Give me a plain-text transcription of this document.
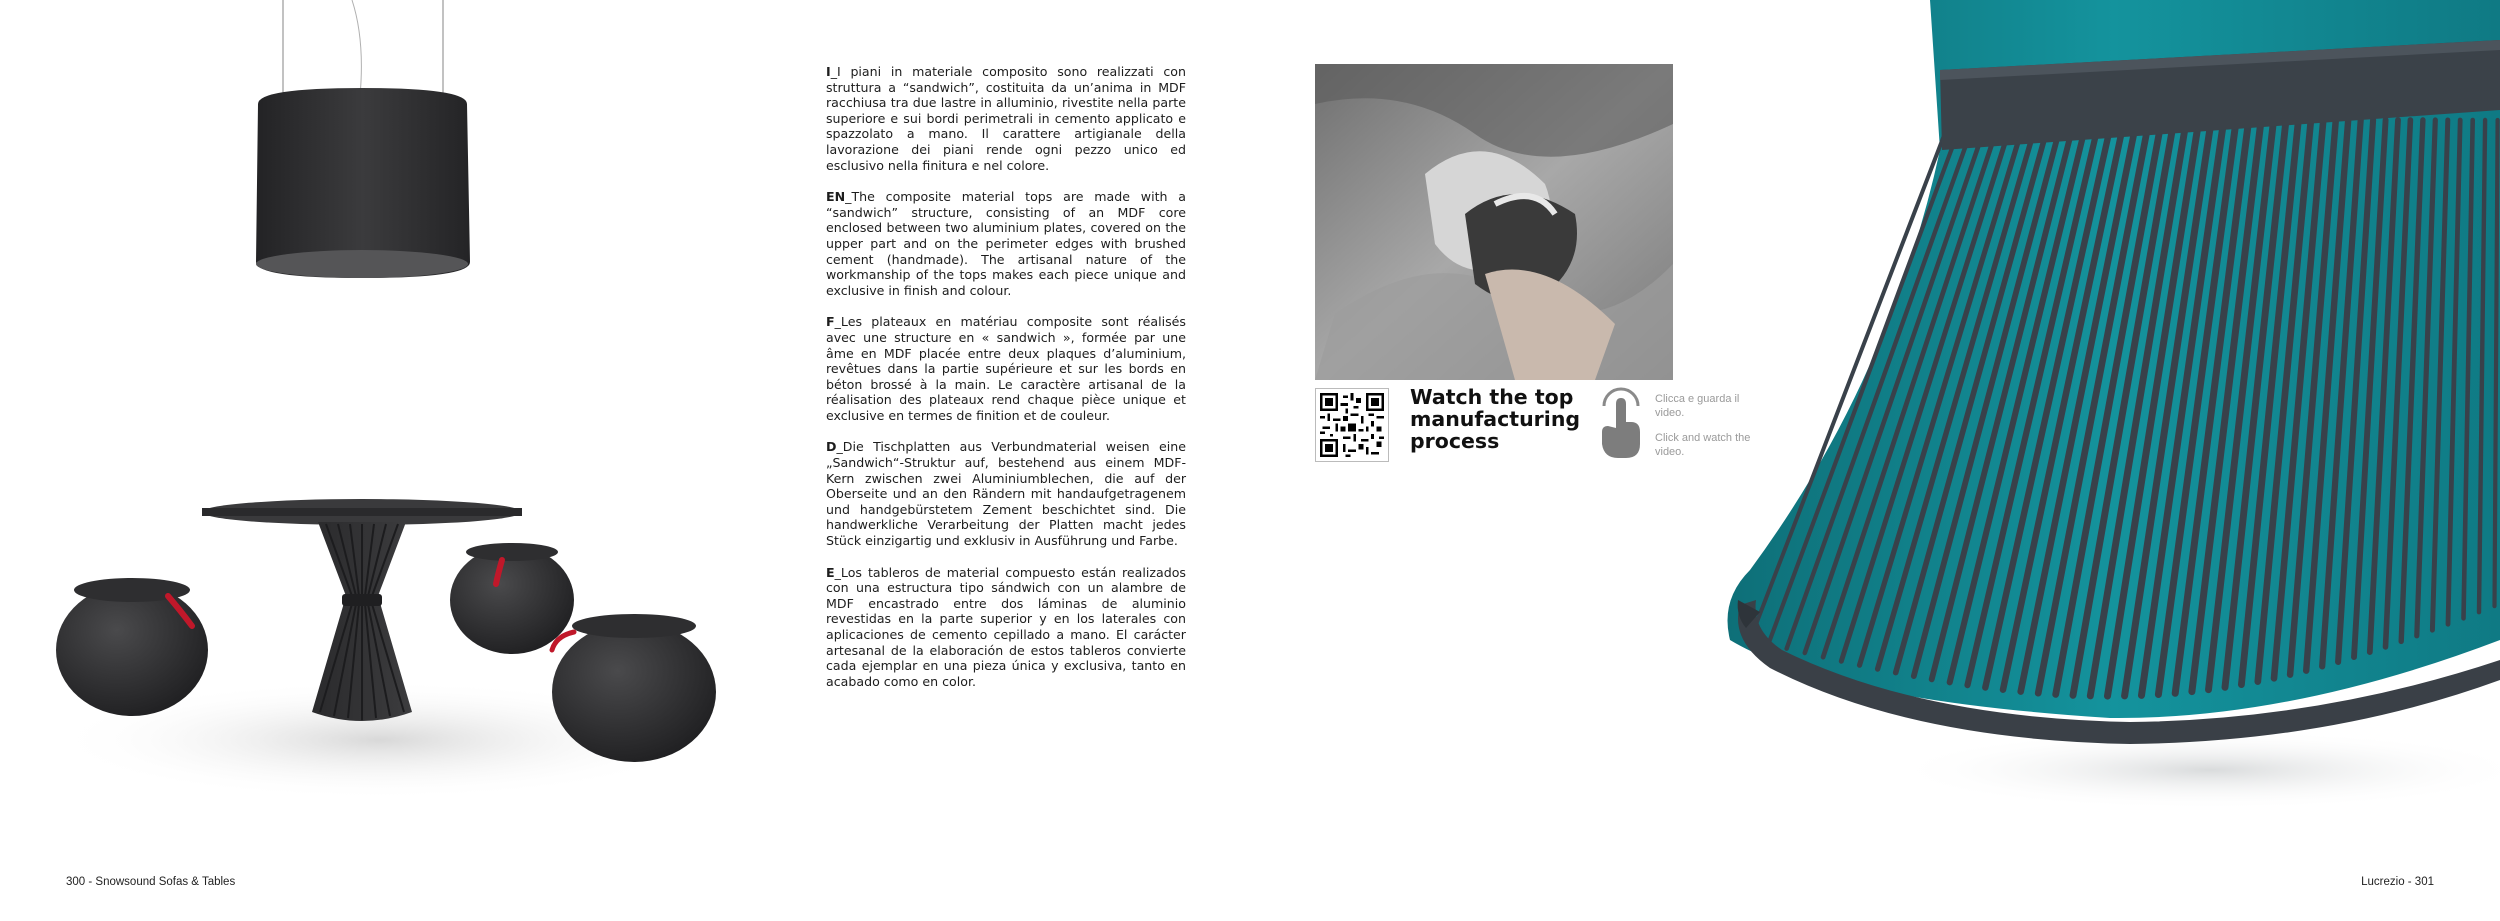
I_I piani in materiale composito sono realizzati con struttura a “sandwich”, costituita da un’anima in MDF racchiusa tra due lastre in alluminio, rivestite nella parte superiore e sui bordi perimetrali in cemento applicato e spazzolato a mano. Il carattere artigianale della lavorazione dei piani rende ogni pezzo unico ed esclusivo nella finitura e nel colore.

EN_The composite material tops are made with a “sandwich” structure, consisting of an MDF core enclosed between two aluminium plates, covered on the upper part and on the perimeter edges with brushed cement (handmade). The artisanal nature of the workmanship of the tops makes each piece unique and exclusive in finish and colour.

F_Les plateaux en matériau composite sont réalisés avec une structure en « sandwich », formée par une âme en MDF placée entre deux plaques d’aluminium, revêtues dans la partie supérieure et sur les bords en béton brossé à la main. Le caractère artisanal de la réalisation des plateaux rend chaque pièce unique et exclusive en termes de finition et de couleur.

D_Die Tischplatten aus Verbundmaterial weisen eine „Sandwich“-Struktur auf, bestehend aus einem MDF-Kern zwischen zwei Aluminiumblechen, die auf der Oberseite und an den Rändern mit handaufgetragenem und handgebürstetem Zement beschichtet sind. Die handwerkliche Verarbeitung der Platten macht jedes Stück einzigartig und exklusiv in Ausführung und Farbe.

E_Los tableros de material compuesto están realizados con una estructura tipo sándwich con un alambre de MDF encastrado entre dos láminas de aluminio revestidas en la parte superior y en los laterales con aplicaciones de cemento cepillado a mano. El carácter artesanal de la elaboración de estos tableros convierte cada ejemplar en una pieza única y exclusiva, tanto en acabado como en color.

Watch the top
manufacturing
process
Clicca e guarda il video.
Click and watch the video.
300 - Snowsound Sofas & Tables	Lucrezio - 301
